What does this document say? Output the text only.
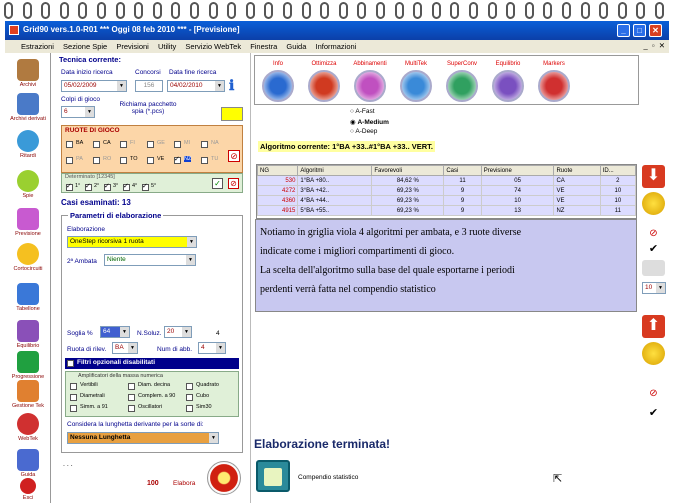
Grid90 vers.1.0-R01 *** Oggi 08 feb 2010 *** - [Previsione]	_	□	✕
Estrazioni Sezione Spie Previsioni Utility Servizio WebTek Finestra Guida Informazioni	_  ▫  ✕
Archivi
Archivi derivati
Ritardi
Spie
Previsione
Cortocircuiti
Tabellone
Equilibrio
Progressione
Gestione Tek
WebTek
Guida
Esci
Tecnica corrente:
Data inizio ricerca
05/02/2009 ▼
Concorsi
156
Data fine ricerca
04/02/2010 ▼	ℹ
Colpi di gioco
6 ▼
Richiama pacchetto spia (*.pcs)
RUOTE DI GIOCO
BA	CA	FI	GE	MI	NA
PA	RO	TO	VE ✓	NZ	TU ⊘
Determinato [12345]
✓
1° ✓ 2° ✓ 3° ✓ 4° ✓ 5°	✓ ⊘
Casi esaminati: 13
Parametri di elaborazione
Elaborazione
OneStep ricorsiva 1 ruota ▼
2ª Ambata	Niente ▼
Soglia %	64 ▼	N.Soluz. 20 ▼	4
Ruota di rilev.	BA ▼	Num di abb.	4 ▼
Filtri opzionali disabilitati
Amplificatori della massa numerica
Vertibili	Diam. decina	Quadrato
Diametrali	Complem. a 90	Cubo
Simm. a 91	Oscillatori	Sim30
Considera la lunghetta derivante per la sorte di:
Nessuna Lunghetta ▼
. . .
100 Elabora
Info	Ottimizza	Abbinamenti	MultiTek	SuperConv	Equilibrio	Markers
○ A-Fast
◉ A-Medium
○ A-Deep
Algoritmo corrente: 1°BA +33..#1°BA +33.. VERT.
NG	Algoritmi	Favorevoli	Casi	Previsione	Ruote	ID...
530	1°BA +80..	84,62 %	11	05	CA	2
4272	3°BA +42..	69,23 %	9	74	VE	10
4360	4°BA +44..	69,23 %	9	10	VE	10
4915	5°BA +55..	69,23 %	9	13	NZ	11
Notiamo in griglia viola 4 algoritmi per ambata, e 3 ruote diverse
indicate come i migliori compartimenti di gioco.
La scelta dell'algoritmo sulla base del quale esportarne i periodi
perdenti verrà fatta nel compendio statistico
Elaborazione terminata!
Compendio statistico	⇱
⬇
⊘
✔
10 ▼
⬆
⊘
✔
